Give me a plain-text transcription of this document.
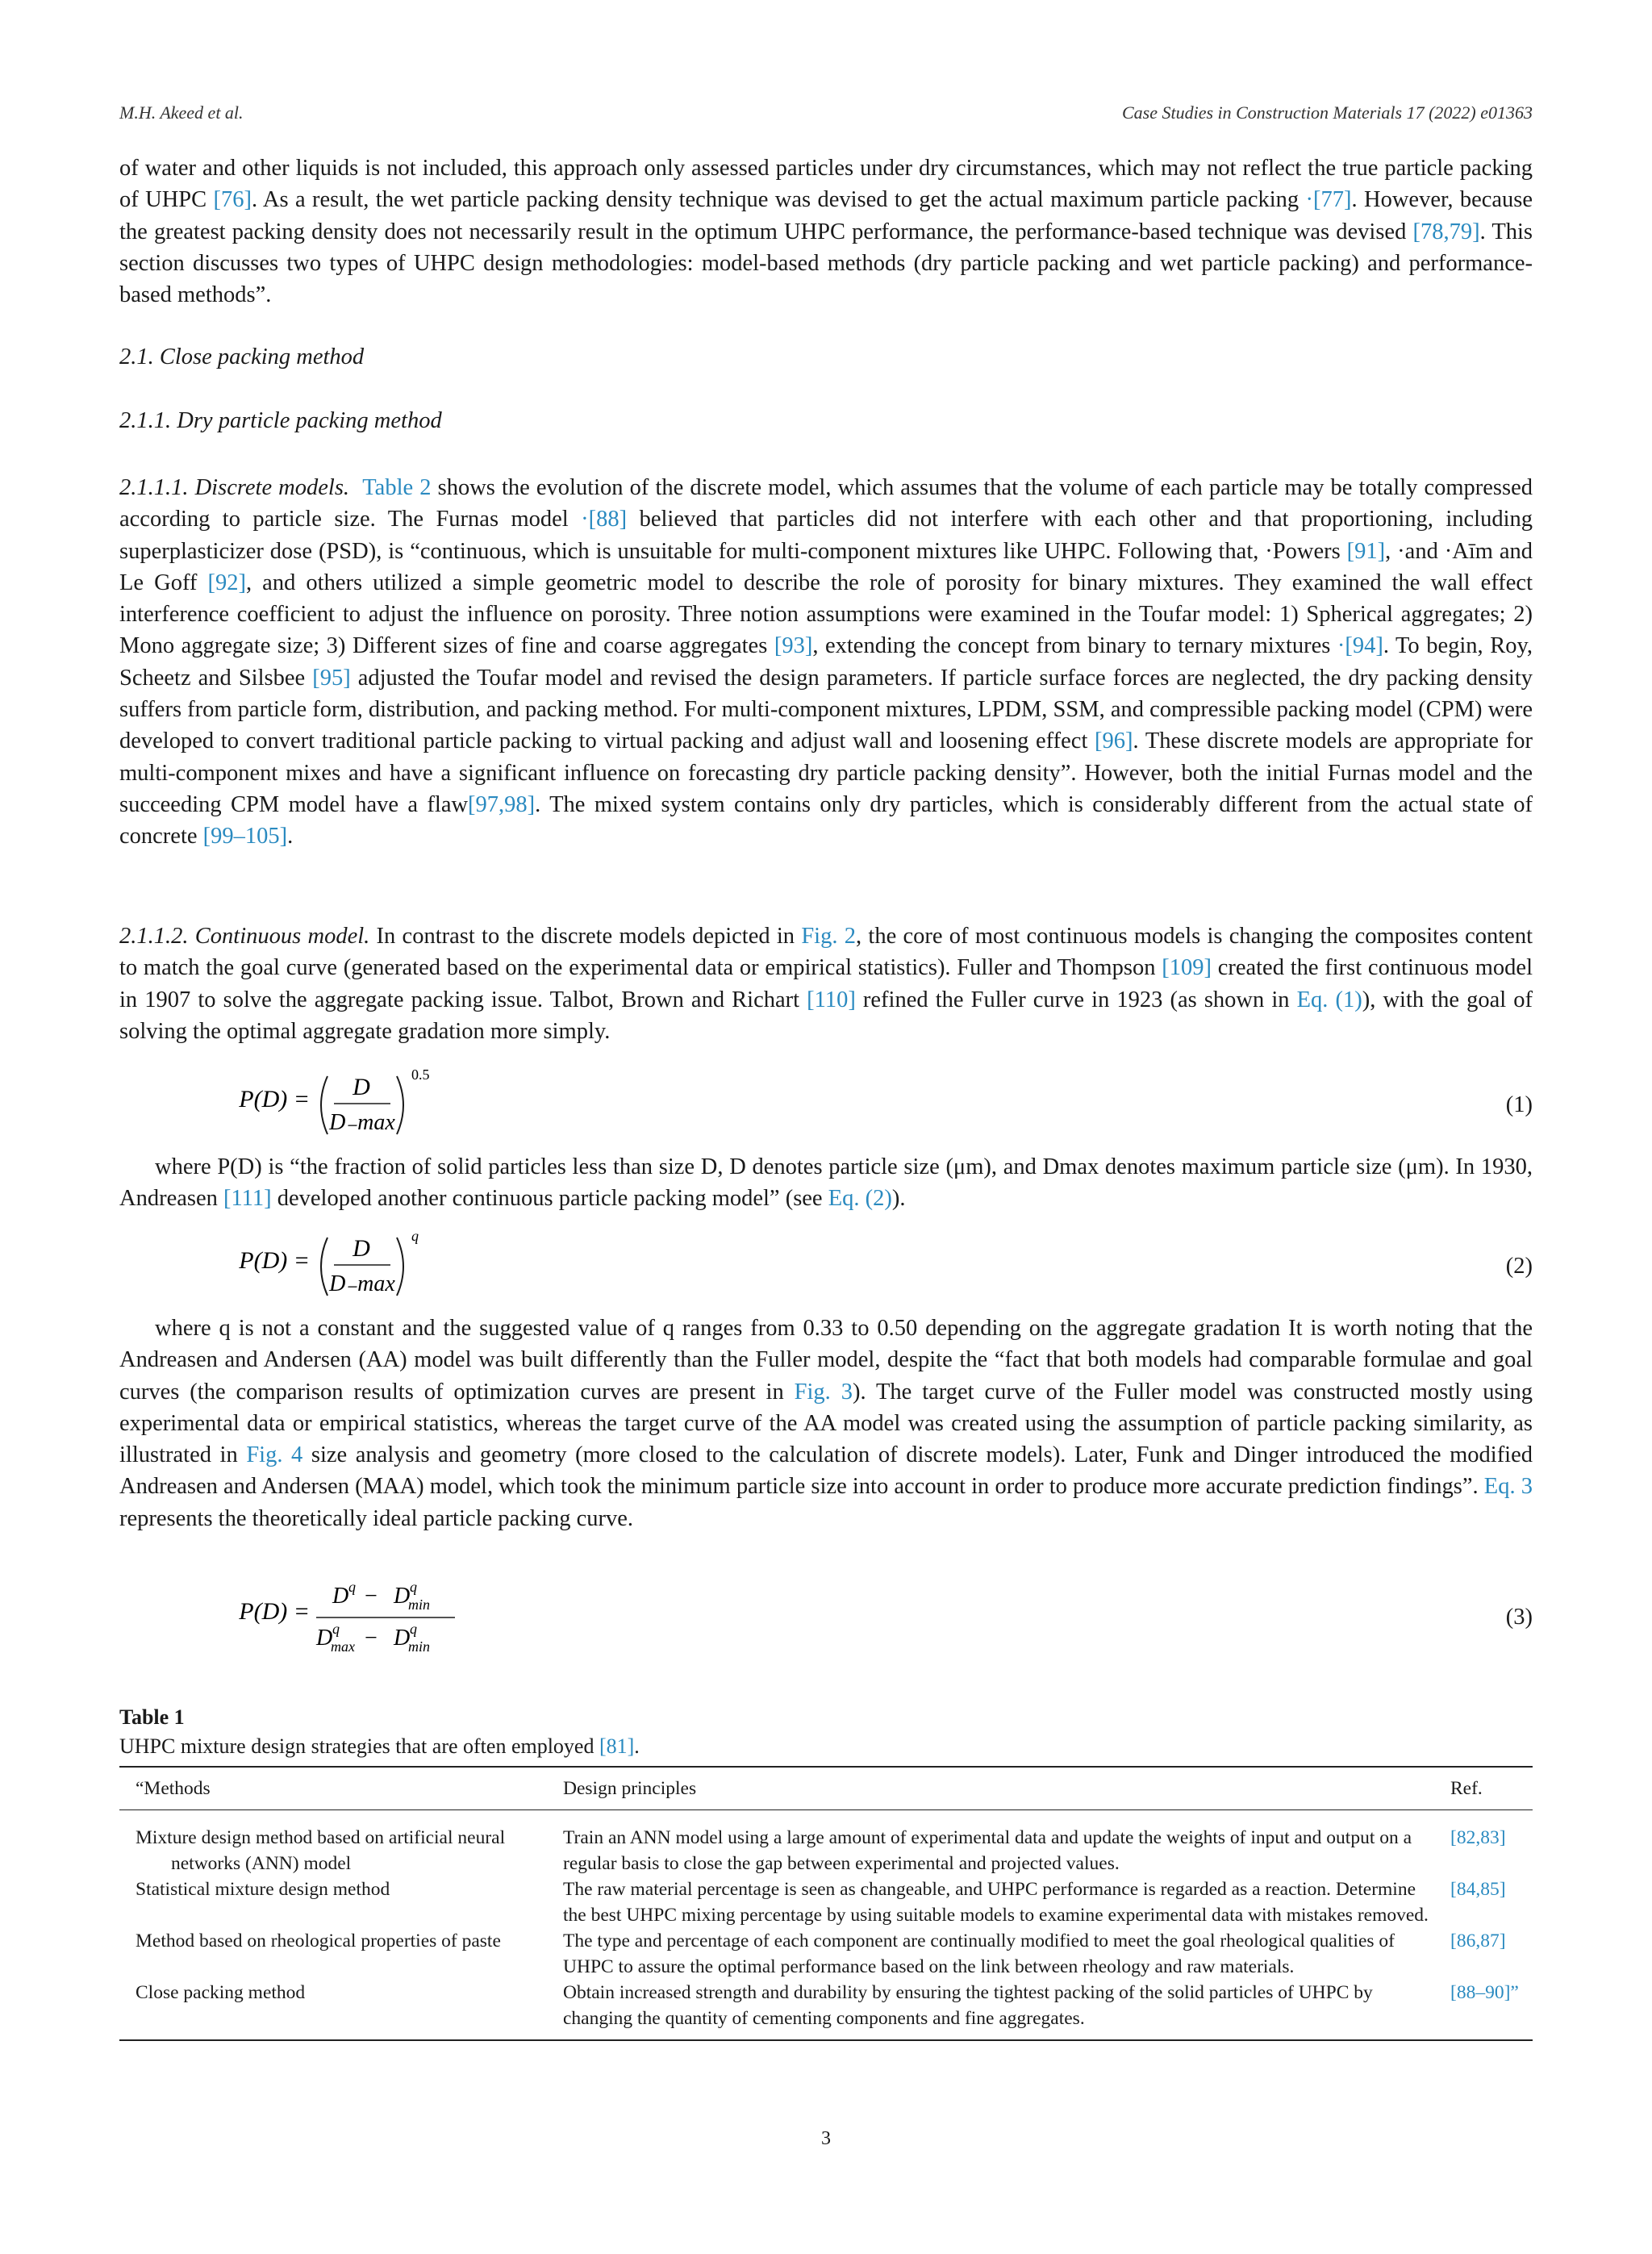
M.H. Akeed et al.	Case Studies in Construction Materials 17 (2022) e01363

of water and other liquids is not included, this approach only assessed particles under dry circumstances, which may not reflect the true particle packing of UHPC [76]. As a result, the wet particle packing density technique was devised to get the actual maximum particle packing ·[77]. However, because the greatest packing density does not necessarily result in the optimum UHPC performance, the performance-based technique was devised [78,79]. This section discusses two types of UHPC design methodologies: model-based methods (dry particle packing and wet particle packing) and performance-based methods”.

2.1. Close packing method
2.1.1. Dry particle packing method

2.1.1.1. Discrete models. Table 2 shows the evolution of the discrete model, which assumes that the volume of each particle may be totally compressed according to particle size. The Furnas model ·[88] believed that particles did not interfere with each other and that proportioning, including superplasticizer dose (PSD), is “continuous, which is unsuitable for multi-component mixtures like UHPC. Following that, ·Powers [91], ·and ·Aīm and Le Goff [92], and others utilized a simple geometric model to describe the role of porosity for binary mixtures. They examined the wall effect interference coefficient to adjust the influence on porosity. Three notion assumptions were examined in the Toufar model: 1) Spherical aggregates; 2) Mono aggregate size; 3) Different sizes of fine and coarse aggregates [93], extending the concept from binary to ternary mixtures ·[94]. To begin, Roy, Scheetz and Silsbee [95] adjusted the Toufar model and revised the design parameters. If particle surface forces are neglected, the dry packing density suffers from particle form, distribution, and packing method. For multi-component mixtures, LPDM, SSM, and compressible packing model (CPM) were developed to convert traditional particle packing to virtual packing and adjust wall and loosening effect [96]. These discrete models are appropriate for multi-component mixes and have a significant influence on forecasting dry particle packing density”. However, both the initial Furnas model and the succeeding CPM model have a flaw[97,98]. The mixed system contains only dry particles, which is considerably different from the actual state of concrete [99–105].

2.1.1.2. Continuous model. In contrast to the discrete models depicted in Fig. 2, the core of most continuous models is changing the composites content to match the goal curve (generated based on the experimental data or empirical statistics). Fuller and Thompson [109] created the first continuous model in 1907 to solve the aggregate packing issue. Talbot, Brown and Richart [110] refined the Fuller curve in 1923 (as shown in Eq. (1)), with the goal of solving the optimal aggregate gradation more simply.

P(D) = D
D₋max
0.5
(1)

where P(D) is “the fraction of solid particles less than size D, D denotes particle size (μm), and Dmax denotes maximum particle size (μm). In 1930, Andreasen [111] developed another continuous particle packing model” (see Eq. (2)).

P(D) = D
D₋max
q
(2)

where q is not a constant and the suggested value of q ranges from 0.33 to 0.50 depending on the aggregate gradation It is worth noting that the Andreasen and Andersen (AA) model was built differently than the Fuller model, despite the “fact that both models had comparable formulae and goal curves (the comparison results of optimization curves are present in Fig. 3). The target curve of the Fuller model was constructed mostly using experimental data or empirical statistics, whereas the target curve of the AA model was created using the assumption of particle packing similarity, as illustrated in Fig. 4 size analysis and geometry (more closed to the calculation of discrete models). Later, Funk and Dinger introduced the modified Andreasen and Andersen (MAA) model, which took the minimum particle size into account in order to produce more accurate prediction findings”. Eq. 3 represents the theoretically ideal particle packing curve.

P(D) =
D q − D q
min
D q
max − D q
min
(3)
Table 1
UHPC mixture design strategies that are often employed [81].
“Methods	Design principles	Ref.

Mixture design method based on artificial neural networks (ANN) model	Train an ANN model using a large amount of experimental data and update the weights of input and output on a regular basis to close the gap between experimental and projected values.	[82,83]

Statistical mixture design method	The raw material percentage is seen as changeable, and UHPC performance is regarded as a reaction. Determine the best UHPC mixing percentage by using suitable models to examine experimental data with mistakes removed.	[84,85]

Method based on rheological properties of paste	The type and percentage of each component are continually modified to meet the goal rheological qualities of UHPC to assure the optimal performance based on the link between rheology and raw materials.	[86,87]

Close packing method	Obtain increased strength and durability by ensuring the tightest packing of the solid particles of UHPC by changing the quantity of cementing components and fine aggregates.	[88–90]”
3
